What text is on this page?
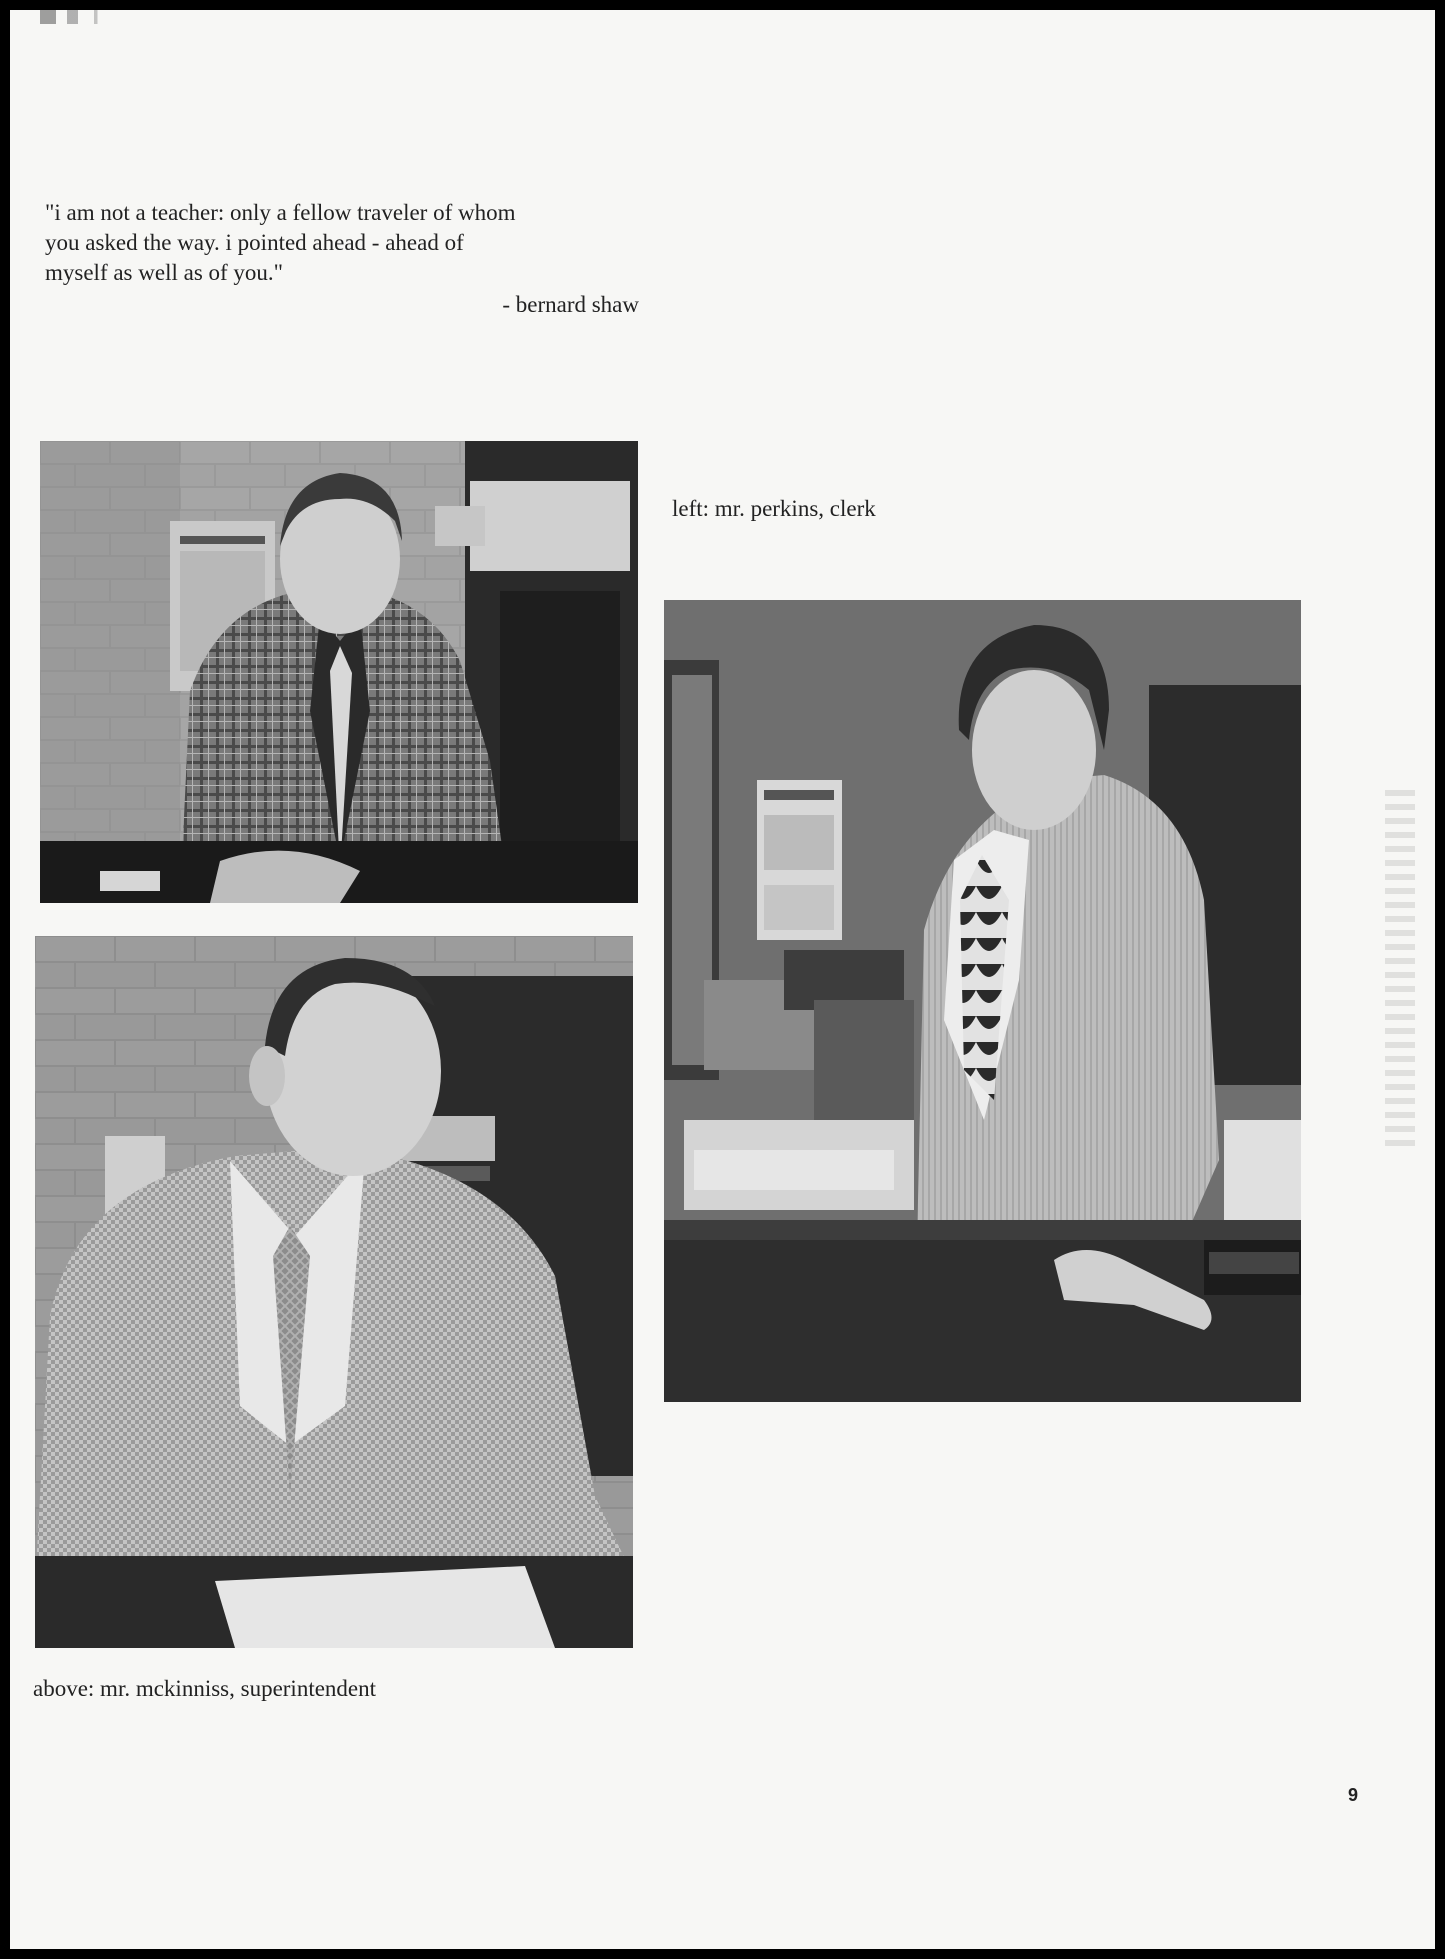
"i am not a teacher: only a fellow traveler of whom
you asked the way. i pointed ahead - ahead of
myself as well as of you."
- bernard shaw
left: mr. perkins, clerk
above: mr. mckinniss, superintendent
9
